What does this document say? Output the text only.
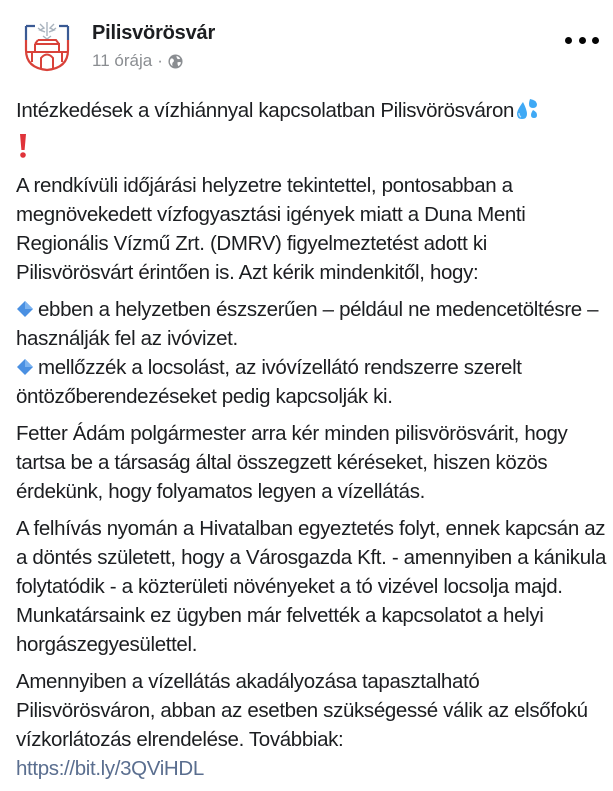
Pilisvörösvár
11 órája ·

Intézkedések a vízhiánnyal kapcsolatban Pilisvörösváron

A rendkívüli időjárási helyzetre tekintettel, pontosabban a megnövekedett vízfogyasztási igények miatt a Duna Menti Regionális Vízmű Zrt. (DMRV) figyelmeztetést adott ki Pilisvörösvárt érintően is. Azt kérik mindenkitől, hogy:

ebben a helyzetben észszerűen – például ne medencetöltésre – használják fel az ivóvizet.
mellőzzék a locsolást, az ivóvízellátó rendszerre szerelt öntözőberendezéseket pedig kapcsolják ki.

Fetter Ádám polgármester arra kér minden pilisvörösvárit, hogy tartsa be a társaság által összegzett kéréseket, hiszen közös érdekünk, hogy folyamatos legyen a vízellátás.

A felhívás nyomán a Hivatalban egyeztetés folyt, ennek kapcsán az a döntés született, hogy a Városgazda Kft. - amennyiben a kánikula folytatódik - a közterületi növényeket a tó vizével locsolja majd. Munkatársaink ez ügyben már felvették a kapcsolatot a helyi horgászegyesülettel.

Amennyiben a vízellátás akadályozása tapasztalható Pilisvörösváron, abban az esetben szükségessé válik az elsőfokú vízkorlátozás elrendelése. Továbbiak:
https://bit.ly/3QViHDL
